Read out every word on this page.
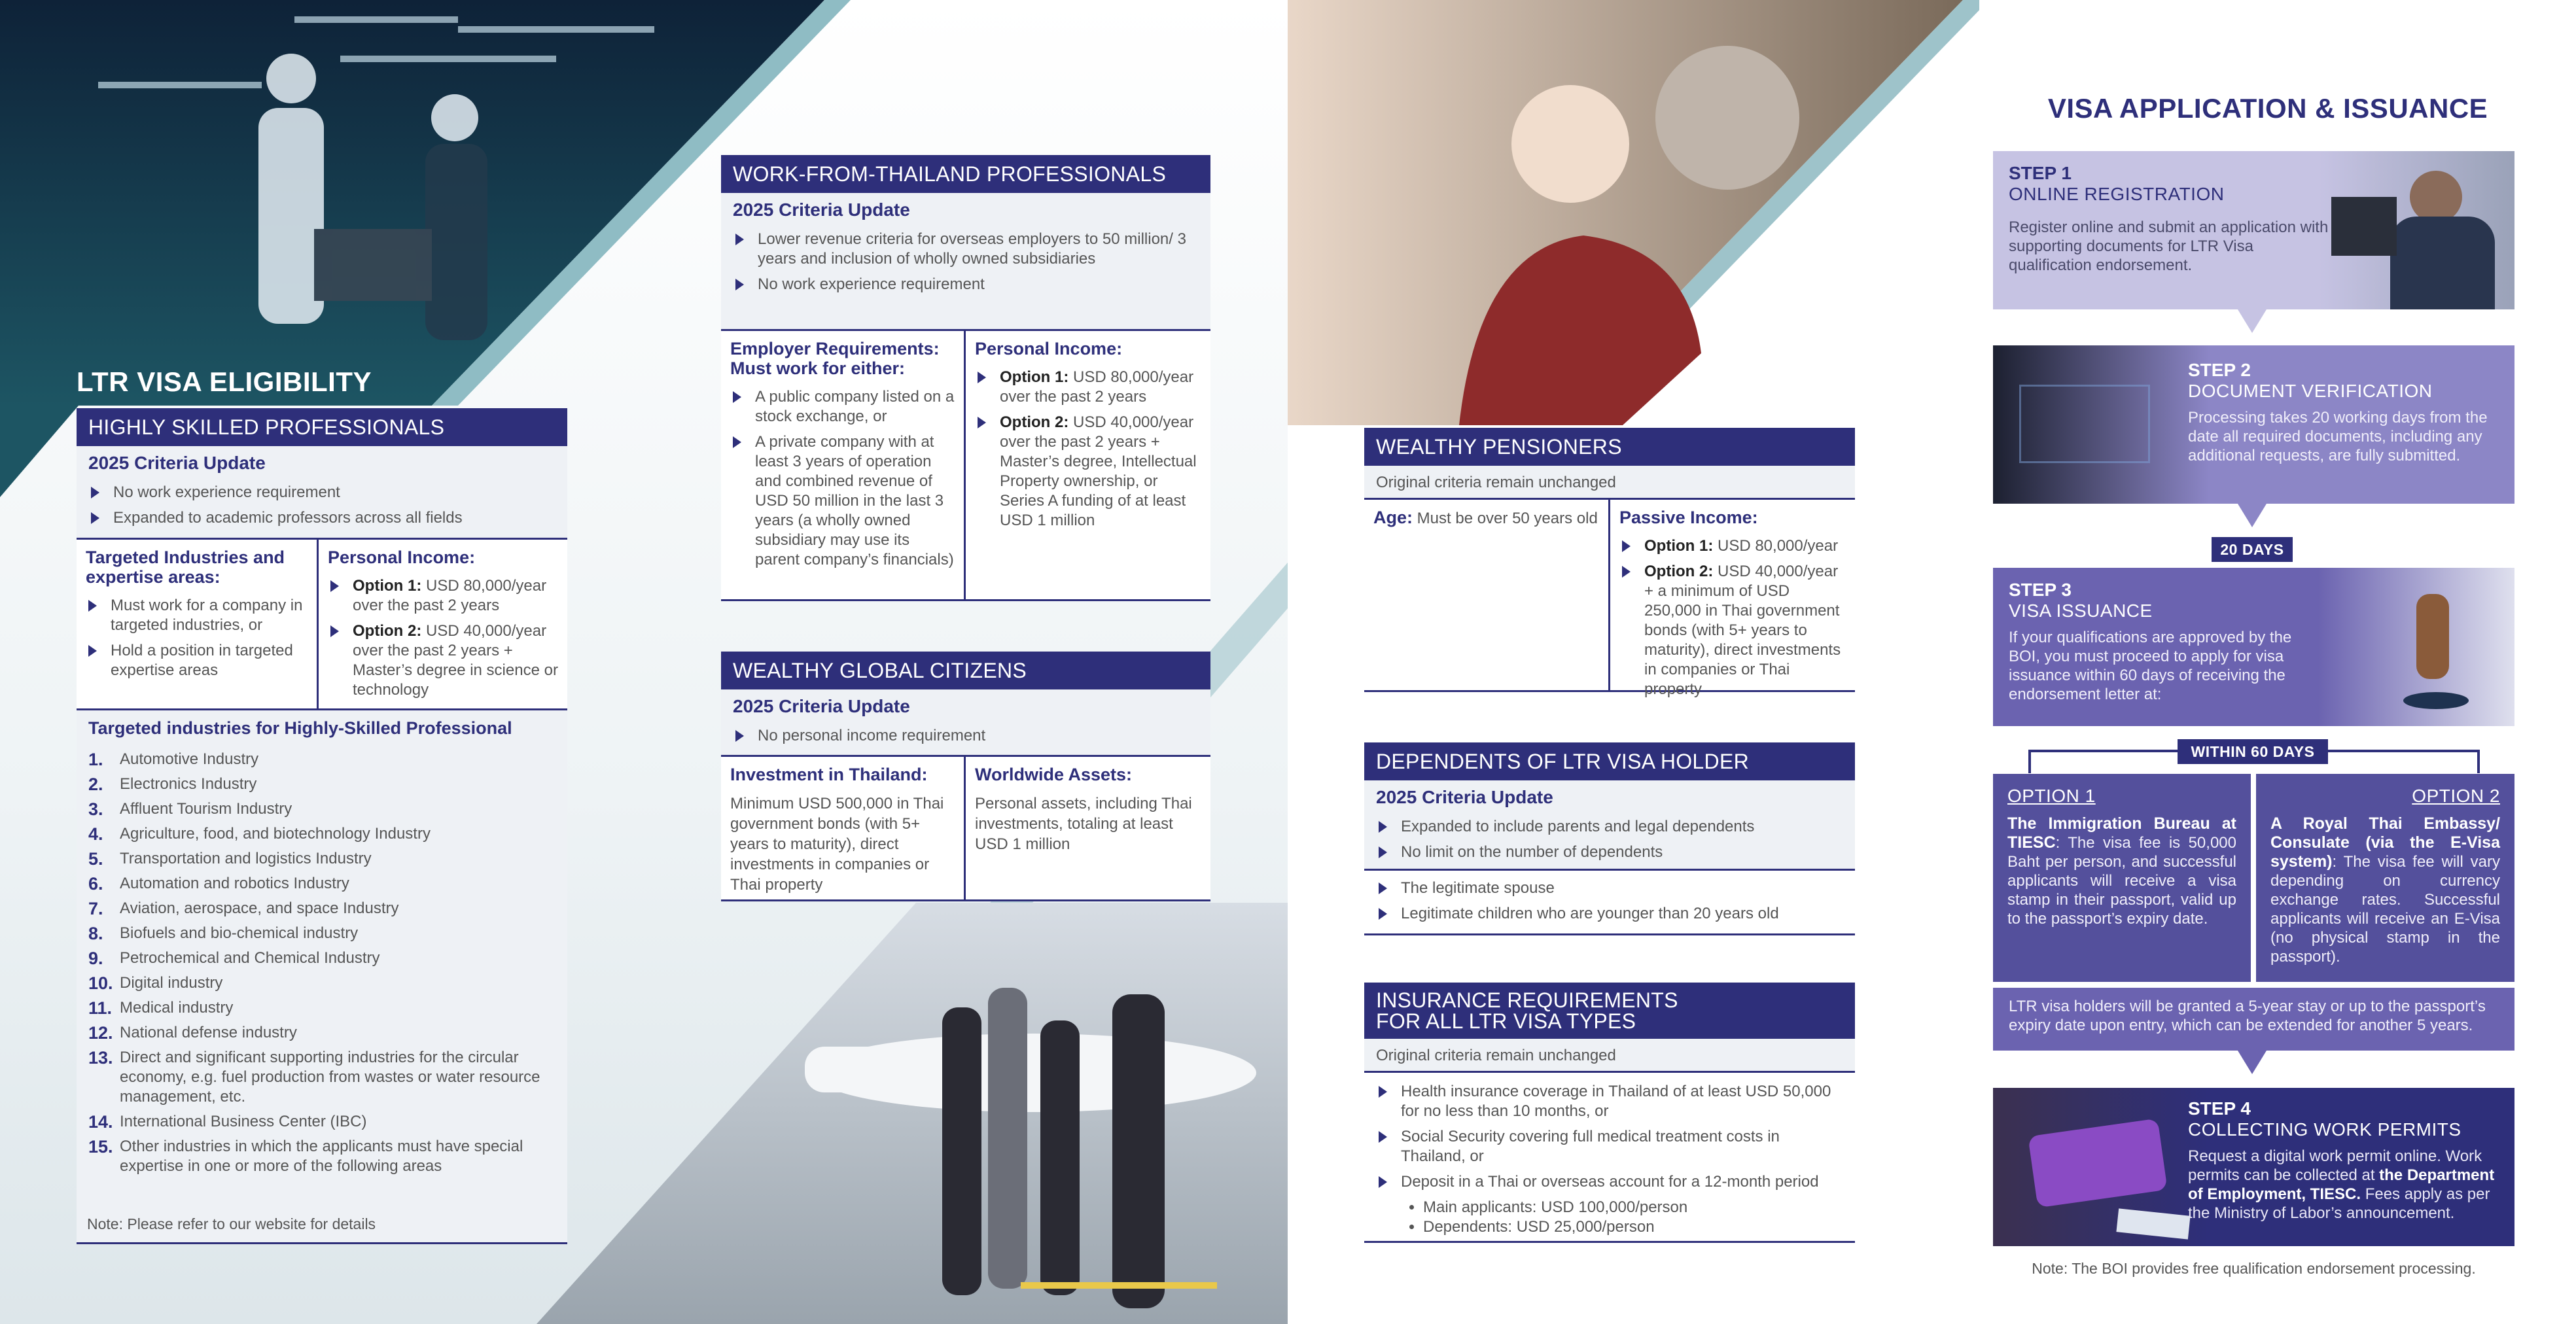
LTR VISA ELIGIBILITY
HIGHLY SKILLED PROFESSIONALS
2025 Criteria Update
No work experience requirement
Expanded to academic professors across all fields
Targeted Industries and expertise areas:
Must work for a company in targeted industries, or
Hold a position in targeted expertise areas
Personal Income:
Option 1: USD 80,000/year over the past 2 years
Option 2: USD 40,000/year over the past 2 years + Master’s degree in science or technology
Targeted industries for Highly-Skilled Professional
1.	Automotive Industry
2.	Electronics Industry
3.	Affluent Tourism Industry
4.	Agriculture, food, and biotechnology Industry
5.	Transportation and logistics Industry
6.	Automation and robotics Industry
7.	Aviation, aerospace, and space Industry
8.	Biofuels and bio-chemical industry
9.	Petrochemical and Chemical Industry
10. Digital industry
11. Medical industry
12. National defense industry
13. Direct and significant supporting industries for the circular economy, e.g. fuel production from wastes or water resource management, etc.
14. International Business Center (IBC)
15. Other industries in which the applicants must have special expertise in one or more of the following areas
Note: Please refer to our website for details
WORK-FROM-THAILAND PROFESSIONALS
2025 Criteria Update
Lower revenue criteria for overseas employers to 50 million/ 3 years and inclusion of wholly owned subsidiaries
No work experience requirement
Employer Requirements: Must work for either:
A public company listed on a stock exchange, or
A private company with at least 3 years of operation and combined revenue of USD 50 million in the last 3 years (a wholly owned subsidiary may use its parent company’s financials)
Personal Income:
Option 1: USD 80,000/year over the past 2 years
Option 2: USD 40,000/year over the past 2 years + Master’s degree, Intellectual Property ownership, or Series A funding of at least USD 1 million
WEALTHY GLOBAL CITIZENS
2025 Criteria Update
No personal income requirement
Investment in Thailand:
Minimum USD 500,000 in Thai government bonds (with 5+ years to maturity), direct investments in companies or Thai property
Worldwide Assets:
Personal assets, including Thai investments, totaling at least USD 1 million
WEALTHY PENSIONERS
Original criteria remain unchanged
Age: Must be over 50 years old	Passive Income:
Option 1: USD 80,000/year
Option 2: USD 40,000/year + a minimum of USD 250,000 in Thai government bonds (with 5+ years to maturity), direct investments in companies or Thai property
DEPENDENTS OF LTR VISA HOLDER
2025 Criteria Update
Expanded to include parents and legal dependents
No limit on the number of dependents
The legitimate spouse
Legitimate children who are younger than 20 years old
INSURANCE REQUIREMENTS
FOR ALL LTR VISA TYPES
Original criteria remain unchanged
Health insurance coverage in Thailand of at least USD 50,000 for no less than 10 months, or
Social Security covering full medical treatment costs in Thailand, or
Deposit in a Thai or overseas account for a 12-month period
• Main applicants: USD 100,000/person
• Dependents: USD 25,000/person
VISA APPLICATION & ISSUANCE
STEP 1
ONLINE REGISTRATION
Register online and submit an application with supporting documents for LTR Visa qualification endorsement.
STEP 2
DOCUMENT VERIFICATION
Processing takes 20 working days from the date all required documents, including any additional requests, are fully submitted.
20 DAYS
STEP 3
VISA ISSUANCE
If your qualifications are approved by the BOI, you must proceed to apply for visa issuance within 60 days of receiving the endorsement letter at:
WITHIN 60 DAYS
OPTION 1
The Immigration Bureau at TIESC: The visa fee is 50,000 Baht per person, and successful applicants will receive a visa stamp in their passport, valid up to the passport’s expiry date.
OPTION 2
A Royal Thai Embassy/ Consulate (via the E-Visa system): The visa fee will vary depending on currency exchange rates. Successful applicants will receive an E-Visa (no physical stamp in the passport).
LTR visa holders will be granted a 5-year stay or up to the passport’s expiry date upon entry, which can be extended for another 5 years.
STEP 4
COLLECTING WORK PERMITS
Request a digital work permit online. Work permits can be collected at the Department of Employment, TIESC. Fees apply as per the Ministry of Labor’s announcement.
Note: The BOI provides free qualification endorsement processing.
